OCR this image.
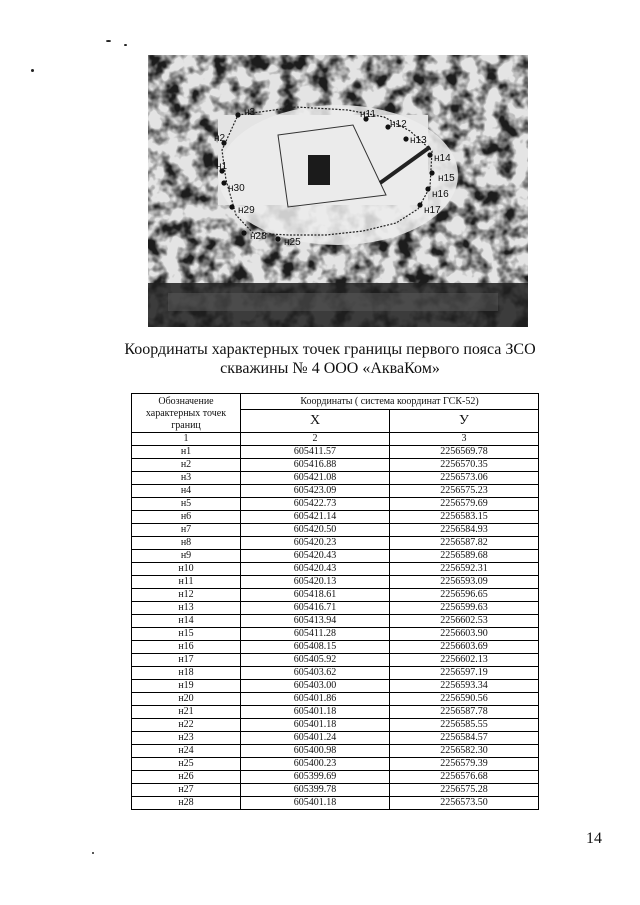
н3
н2
н1
н30
н29
н28
н25
н11
н12
н13
н14
н15
н16
н17
Координаты характерных точек границы первого пояса ЗСО
скважины № 4 ООО «АкваКом»
Обозначение характерных точек границ	Координаты ( система координат ГСК-52)	
	X	У
1	2	3
н1	605411.57	2256569.78
н2	605416.88	2256570.35
н3	605421.08	2256573.06
н4	605423.09	2256575.23
н5	605422.73	2256579.69
н6	605421.14	2256583.15
н7	605420.50	2256584.93
н8	605420.23	2256587.82
н9	605420.43	2256589.68
н10	605420.43	2256592.31
н11	605420.13	2256593.09
н12	605418.61	2256596.65
н13	605416.71	2256599.63
н14	605413.94	2256602.53
н15	605411.28	2256603.90
н16	605408.15	2256603.69
н17	605405.92	2256602.13
н18	605403.62	2256597.19
н19	605403.00	2256593.34
н20	605401.86	2256590.56
н21	605401.18	2256587.78
н22	605401.18	2256585.55
н23	605401.24	2256584.57
н24	605400.98	2256582.30
н25	605400.23	2256579.39
н26	605399.69	2256576.68
н27	605399.78	2256575.28
н28	605401.18	2256573.50
14
